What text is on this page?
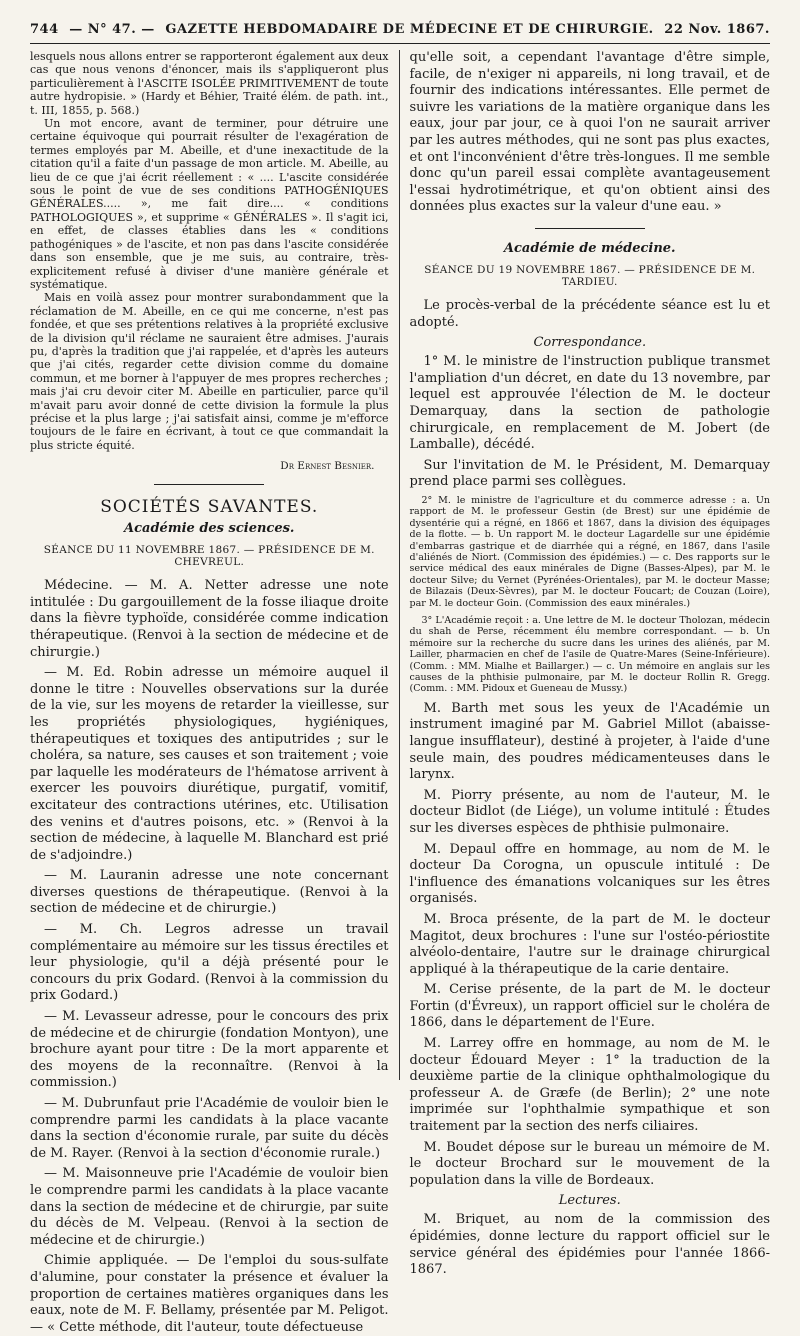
744 — N° 47. — GAZETTE HEBDOMADAIRE DE MÉDECINE ET DE CHIRURGIE. 22 Nov. 1867.

lesquels nous allons entrer se rapporteront également aux deux cas que nous venons d'énoncer, mais ils s'appliqueront plus particulièrement à l'ASCITE ISOLÉE PRIMITIVEMENT de toute autre hydropisie. » (Hardy et Béhier, Traité élém. de path. int., t. III, 1855, p. 568.)

Un mot encore, avant de terminer, pour détruire une certaine équivoque qui pourrait résulter de l'exagération de termes employés par M. Abeille, et d'une inexactitude de la citation qu'il a faite d'un passage de mon article. M. Abeille, au lieu de ce que j'ai écrit réellement : « .... L'ascite considérée sous le point de vue de ses conditions PATHOGÉNIQUES GÉNÉRALES..... », me fait dire.... « conditions PATHOLOGIQUES », et supprime « GÉNÉRALES ». Il s'agit ici, en effet, de classes établies dans les « conditions pathogéniques » de l'ascite, et non pas dans l'ascite considérée dans son ensemble, que je me suis, au contraire, très-explicitement refusé à diviser d'une manière générale et systématique.

Mais en voilà assez pour montrer surabondamment que la réclamation de M. Abeille, en ce qui me concerne, n'est pas fondée, et que ses prétentions relatives à la propriété exclusive de la division qu'il réclame ne sauraient être admises. J'aurais pu, d'après la tradition que j'ai rappelée, et d'après les auteurs que j'ai cités, regarder cette division comme du domaine commun, et me borner à l'appuyer de mes propres recherches ; mais j'ai cru devoir citer M. Abeille en particulier, parce qu'il m'avait paru avoir donné de cette division la formule la plus précise et la plus large ; j'ai satisfait ainsi, comme je m'efforce toujours de le faire en écrivant, à tout ce que commandait la plus stricte équité.

Dr Ernest Besnier.
SOCIÉTÉS SAVANTES.
Académie des sciences.
SÉANCE DU 11 NOVEMBRE 1867. — PRÉSIDENCE DE M. CHEVREUL.

Médecine. — M. A. Netter adresse une note intitulée : Du gargouillement de la fosse iliaque droite dans la fièvre typhoïde, considérée comme indication thérapeutique. (Renvoi à la section de médecine et de chirurgie.)

— M. Ed. Robin adresse un mémoire auquel il donne le titre : Nouvelles observations sur la durée de la vie, sur les moyens de retarder la vieillesse, sur les propriétés physiologiques, hygiéniques, thérapeutiques et toxiques des antiputrides ; sur le choléra, sa nature, ses causes et son traitement ; voie par laquelle les modérateurs de l'hématose arrivent à exercer les pouvoirs diurétique, purgatif, vomitif, excitateur des contractions utérines, etc. Utilisation des venins et d'autres poisons, etc. » (Renvoi à la section de médecine, à laquelle M. Blanchard est prié de s'adjoindre.)

— M. Lauranin adresse une note concernant diverses questions de thérapeutique. (Renvoi à la section de médecine et de chirurgie.)

— M. Ch. Legros adresse un travail complémentaire au mémoire sur les tissus érectiles et leur physiologie, qu'il a déjà présenté pour le concours du prix Godard. (Renvoi à la commission du prix Godard.)

— M. Levasseur adresse, pour le concours des prix de médecine et de chirurgie (fondation Montyon), une brochure ayant pour titre : De la mort apparente et des moyens de la reconnaître. (Renvoi à la commission.)

— M. Dubrunfaut prie l'Académie de vouloir bien le comprendre parmi les candidats à la place vacante dans la section d'économie rurale, par suite du décès de M. Rayer. (Renvoi à la section d'économie rurale.)

— M. Maisonneuve prie l'Académie de vouloir bien le comprendre parmi les candidats à la place vacante dans la section de médecine et de chirurgie, par suite du décès de M. Velpeau. (Renvoi à la section de médecine et de chirurgie.)

Chimie appliquée. — De l'emploi du sous-sulfate d'alumine, pour constater la présence et évaluer la proportion de certaines matières organiques dans les eaux, note de M. F. Bellamy, présentée par M. Peligot. — « Cette méthode, dit l'auteur, toute défectueuse

qu'elle soit, a cependant l'avantage d'être simple, facile, de n'exiger ni appareils, ni long travail, et de fournir des indications intéressantes. Elle permet de suivre les variations de la matière organique dans les eaux, jour par jour, ce à quoi l'on ne saurait arriver par les autres méthodes, qui ne sont pas plus exactes, et ont l'inconvénient d'être très-longues. Il me semble donc qu'un pareil essai complète avantageusement l'essai hydrotimétrique, et qu'on obtient ainsi des données plus exactes sur la valeur d'une eau. »

Académie de médecine.
SÉANCE DU 19 NOVEMBRE 1867. — PRÉSIDENCE DE M. TARDIEU.

Le procès-verbal de la précédente séance est lu et adopté.

Correspondance.

1° M. le ministre de l'instruction publique transmet l'ampliation d'un décret, en date du 13 novembre, par lequel est approuvée l'élection de M. le docteur Demarquay, dans la section de pathologie chirurgicale, en remplacement de M. Jobert (de Lamballe), décédé.

Sur l'invitation de M. le Président, M. Demarquay prend place parmi ses collègues.

2° M. le ministre de l'agriculture et du commerce adresse : a. Un rapport de M. le professeur Gestin (de Brest) sur une épidémie de dysentérie qui a régné, en 1866 et 1867, dans la division des équipages de la flotte. — b. Un rapport M. le docteur Lagardelle sur une épidémie d'embarras gastrique et de diarrhée qui a régné, en 1867, dans l'asile d'aliénés de Niort. (Commission des épidémies.) — c. Des rapports sur le service médical des eaux minérales de Digne (Basses-Alpes), par M. le docteur Silve; du Vernet (Pyrénées-Orientales), par M. le docteur Masse; de Bilazais (Deux-Sèvres), par M. le docteur Foucart; de Couzan (Loire), par M. le docteur Goin. (Commission des eaux minérales.)

3° L'Académie reçoit : a. Une lettre de M. le docteur Tholozan, médecin du shah de Perse, récemment élu membre correspondant. — b. Un mémoire sur la recherche du sucre dans les urines des aliénés, par M. Lailler, pharmacien en chef de l'asile de Quatre-Mares (Seine-Inférieure). (Comm. : MM. Mialhe et Baillarger.) — c. Un mémoire en anglais sur les causes de la phthisie pulmonaire, par M. le docteur Rollin R. Gregg. (Comm. : MM. Pidoux et Gueneau de Mussy.)

M. Barth met sous les yeux de l'Académie un instrument imaginé par M. Gabriel Millot (abaisse-langue insufflateur), destiné à projeter, à l'aide d'une seule main, des poudres médicamenteuses dans le larynx.

M. Piorry présente, au nom de l'auteur, M. le docteur Bidlot (de Liége), un volume intitulé : Études sur les diverses espèces de phthisie pulmonaire.

M. Depaul offre en hommage, au nom de M. le docteur Da Corogna, un opuscule intitulé : De l'influence des émanations volcaniques sur les êtres organisés.

M. Broca présente, de la part de M. le docteur Magitot, deux brochures : l'une sur l'ostéo-périostite alvéolo-dentaire, l'autre sur le drainage chirurgical appliqué à la thérapeutique de la carie dentaire.

M. Cerise présente, de la part de M. le docteur Fortin (d'Évreux), un rapport officiel sur le choléra de 1866, dans le département de l'Eure.

M. Larrey offre en hommage, au nom de M. le docteur Édouard Meyer : 1° la traduction de la deuxième partie de la clinique ophthalmologique du professeur A. de Græfe (de Berlin); 2° une note imprimée sur l'ophthalmie sympathique et son traitement par la section des nerfs ciliaires.

M. Boudet dépose sur le bureau un mémoire de M. le docteur Brochard sur le mouvement de la population dans la ville de Bordeaux.

Lectures.

M. Briquet, au nom de la commission des épidémies, donne lecture du rapport officiel sur le service général des épidémies pour l'année 1866-1867.
